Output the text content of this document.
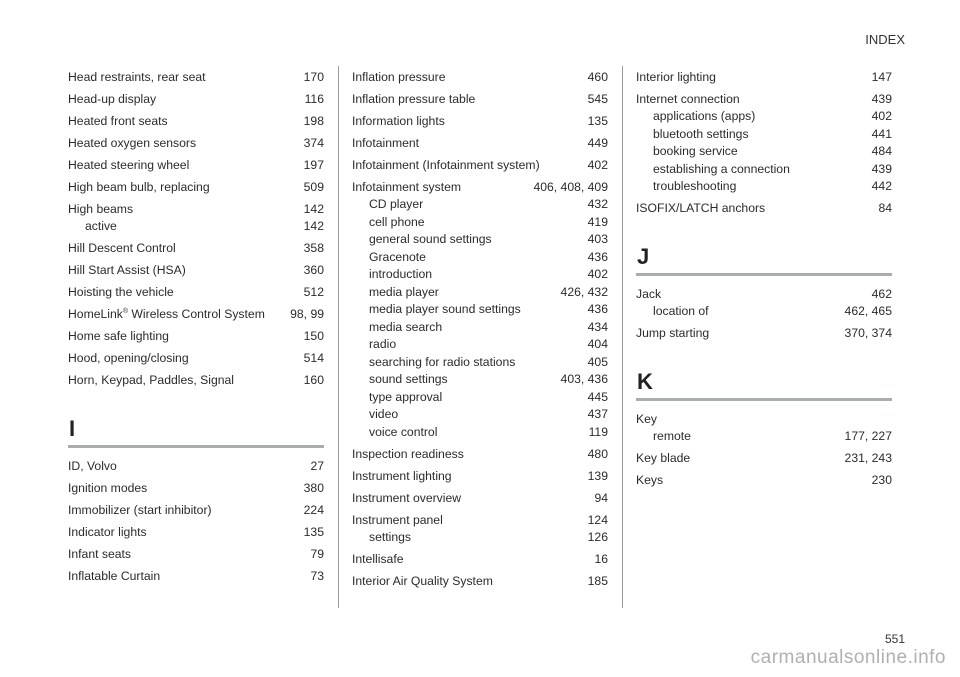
INDEX
Head restraints, rear seat	170
Head-up display	116
Heated front seats	198
Heated oxygen sensors	374
Heated steering wheel	197
High beam bulb, replacing	509
High beams	142
active	142
Hill Descent Control	358
Hill Start Assist (HSA)	360
Hoisting the vehicle	512
HomeLink® Wireless Control System	98, 99
Home safe lighting	150
Hood, opening/closing	514
Horn, Keypad, Paddles, Signal	160
I
ID, Volvo	27
Ignition modes	380
Immobilizer (start inhibitor)	224
Indicator lights	135
Infant seats	79
Inflatable Curtain	73
Inflation pressure	460
Inflation pressure table	545
Information lights	135
Infotainment	449
Infotainment (Infotainment system)	402
Infotainment system	406, 408, 409
CD player	432
cell phone	419
general sound settings	403
Gracenote	436
introduction	402
media player	426, 432
media player sound settings	436
media search	434
radio	404
searching for radio stations	405
sound settings	403, 436
type approval	445
video	437
voice control	119
Inspection readiness	480
Instrument lighting	139
Instrument overview	94
Instrument panel	124
settings	126
Intellisafe	16
Interior Air Quality System	185
Interior lighting	147
Internet connection	439
applications (apps)	402
bluetooth settings	441
booking service	484
establishing a connection	439
troubleshooting	442
ISOFIX/LATCH anchors	84
J
Jack	462
location of	462, 465
Jump starting	370, 374
K
Key
remote	177, 227
Key blade	231, 243
Keys	230
551
carmanualsonline.info
